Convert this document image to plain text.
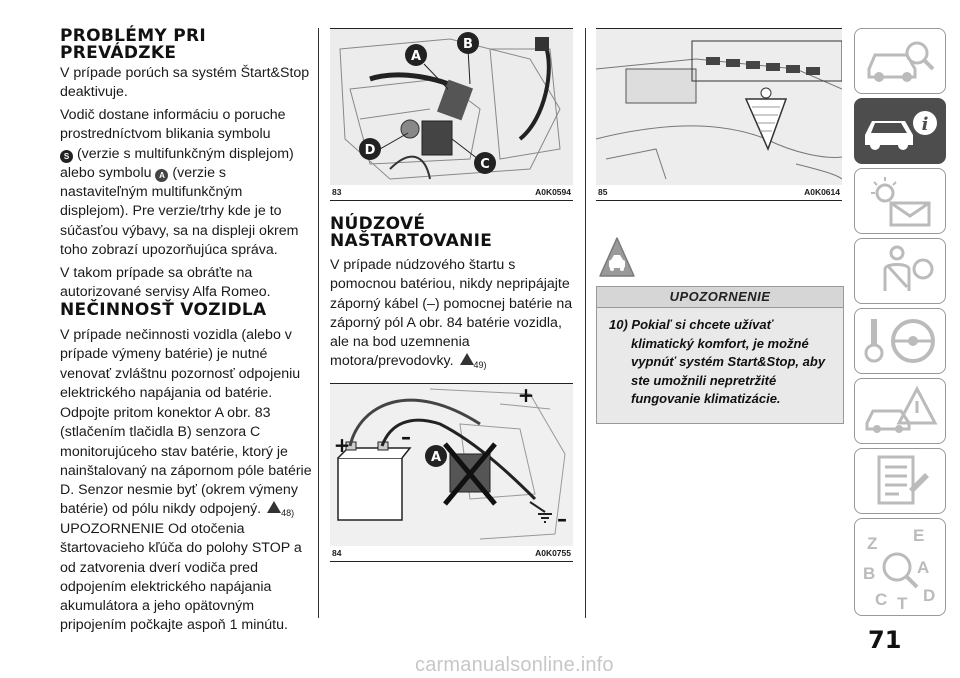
PROBLÉMY PRI
PREVÁDZKE

V prípade porúch sa systém Štart&Stop deaktivuje.

Vodič dostane informáciu o poruche prostredníctvom blikania symbolu
S (verzie s multifunkčným displejom) alebo symbolu A (verzie s nastaviteľným multifunkčným displejom). Pre verzie/trhy kde je to súčasťou výbavy, sa na displeji okrem toho zobrazí upozorňujúca správa.

V takom prípade sa obráťte na autorizované servisy Alfa Romeo.

NEČINNOSŤ VOZIDLA

V prípade nečinnosti vozidla (alebo v prípade výmeny batérie) je nutné venovať zvláštnu pozornosť odpojeniu elektrického napájania od batérie.

Odpojte pritom konektor A obr. 83 (stlačením tlačidla B) senzora C monitorujúceho stav batérie, ktorý je nainštalovaný na zápornom póle batérie D. Senzor nesmie byť (okrem výmeny batérie) od pólu nikdy odpojený. $_{48)}$

UPOZORNENIE Od otočenia štartovacieho kľúča do polohy STOP a od zatvorenia dverí vodiča pred odpojením elektrického napájania akumulátora a jeho opätovným pripojením počkajte aspoň 1 minútu.

A
B
C
D
83	A0K0594
NÚDZOVÉ
NAŠTARTOVANIE

V prípade núdzového štartu s pomocnou batériou, nikdy nepripájajte záporný kábel (–) pomocnej batérie na záporný pól A obr. 84 batérie vozidla, ale na bod uzemnenia motora/prevodovky. $_{49)}$

+	–
+
–
A
84	A0K0755
85	A0K0614
UPOZORNENIE
10) Pokiaľ si chcete užívať klimatický komfort, je možné vypnúť systém Start&Stop, aby ste umožnili nepretržité fungovanie klimatizácie.
i
Z E
B A
C T D
71
carmanualsonline.info
